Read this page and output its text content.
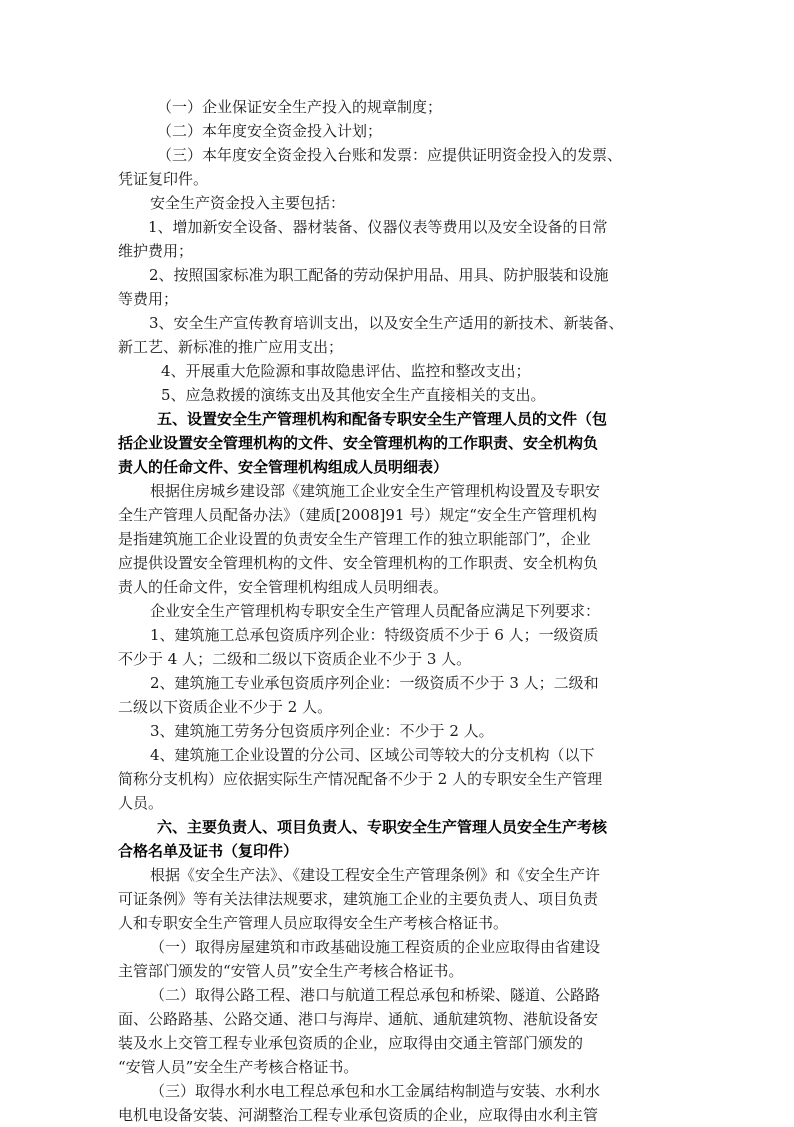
（一）企业保证安全生产投入的规章制度；
（二）本年度安全资金投入计划；
（三）本年度安全资金投入台账和发票：应提供证明资金投入的发票、
凭证复印件。
安全生产资金投入主要包括：
1、增加新安全设备、器材装备、仪器仪表等费用以及安全设备的日常
维护费用；
2、按照国家标准为职工配备的劳动保护用品、用具、防护服装和设施
等费用；
3、安全生产宣传教育培训支出，以及安全生产适用的新技术、新装备、
新工艺、新标准的推广应用支出；
4、开展重大危险源和事故隐患评估、监控和整改支出；
5、应急救援的演练支出及其他安全生产直接相关的支出。
五、设置安全生产管理机构和配备专职安全生产管理人员的文件（包
括企业设置安全管理机构的文件、安全管理机构的工作职责、安全机构负
责人的任命文件、安全管理机构组成人员明细表）
根据住房城乡建设部《建筑施工企业安全生产管理机构设置及专职安
全生产管理人员配备办法》（建质[2008]91 号）规定“安全生产管理机构
是指建筑施工企业设置的负责安全生产管理工作的独立职能部门”，企业
应提供设置安全管理机构的文件、安全管理机构的工作职责、安全机构负
责人的任命文件，安全管理机构组成人员明细表。
企业安全生产管理机构专职安全生产管理人员配备应满足下列要求：
1、建筑施工总承包资质序列企业：特级资质不少于 6 人；一级资质
不少于 4 人；二级和二级以下资质企业不少于 3 人。
2、建筑施工专业承包资质序列企业：一级资质不少于 3 人；二级和
二级以下资质企业不少于 2 人。
3、建筑施工劳务分包资质序列企业：不少于 2 人。
4、建筑施工企业设置的分公司、区域公司等较大的分支机构（以下
简称分支机构）应依据实际生产情况配备不少于 2 人的专职安全生产管理
人员。
六、主要负责人、项目负责人、专职安全生产管理人员安全生产考核
合格名单及证书（复印件）
根据《安全生产法》、《建设工程安全生产管理条例》和《安全生产许
可证条例》等有关法律法规要求，建筑施工企业的主要负责人、项目负责
人和专职安全生产管理人员应取得安全生产考核合格证书。
（一）取得房屋建筑和市政基础设施工程资质的企业应取得由省建设
主管部门颁发的“安管人员”安全生产考核合格证书。
（二）取得公路工程、港口与航道工程总承包和桥梁、隧道、公路路
面、公路路基、公路交通、港口与海岸、通航、通航建筑物、港航设备安
装及水上交管工程专业承包资质的企业，应取得由交通主管部门颁发的
“安管人员”安全生产考核合格证书。
（三）取得水利水电工程总承包和水工金属结构制造与安装、水利水
电机电设备安装、河湖整治工程专业承包资质的企业，应取得由水利主管
